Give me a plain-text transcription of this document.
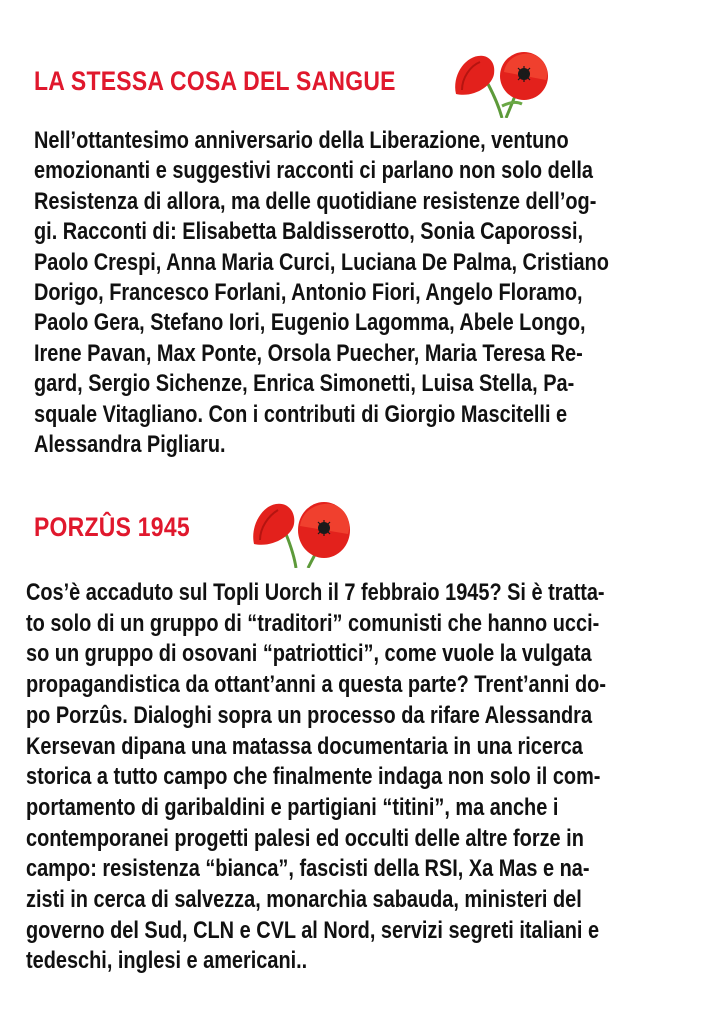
LA STESSA COSA DEL SANGUE
Nell’ottantesimo anniversario della Liberazione, ventuno
emozionanti e suggestivi racconti ci parlano non solo della
Resistenza di allora, ma delle quotidiane resistenze dell’og-
gi. Racconti di: Elisabetta Baldisserotto, Sonia Caporossi,
Paolo Crespi, Anna Maria Curci, Luciana De Palma, Cristiano
Dorigo, Francesco Forlani, Antonio Fiori, Angelo Floramo,
Paolo Gera, Stefano Iori, Eugenio Lagomma, Abele Longo,
Irene Pavan, Max Ponte, Orsola Puecher, Maria Teresa Re-
gard, Sergio Sichenze, Enrica Simonetti, Luisa Stella, Pa-
squale Vitagliano. Con i contributi di Giorgio Mascitelli e
Alessandra Pigliaru.
PORZÛS 1945
Cos’è accaduto sul Topli Uorch il 7 febbraio 1945? Si è tratta-
to solo di un gruppo di “traditori” comunisti che hanno ucci-
so un gruppo di osovani “patriottici”, come vuole la vulgata
propagandistica da ottant’anni a questa parte? Trent’anni do-
po Porzûs. Dialoghi sopra un processo da rifare Alessandra
Kersevan dipana una matassa documentaria in una ricerca
storica a tutto campo che finalmente indaga non solo il com-
portamento di garibaldini e partigiani “titini”, ma anche i
contemporanei progetti palesi ed occulti delle altre forze in
campo: resistenza “bianca”, fascisti della RSI, Xa Mas e na-
zisti in cerca di salvezza, monarchia sabauda, ministeri del
governo del Sud, CLN e CVL al Nord, servizi segreti italiani e
tedeschi, inglesi e americani..
